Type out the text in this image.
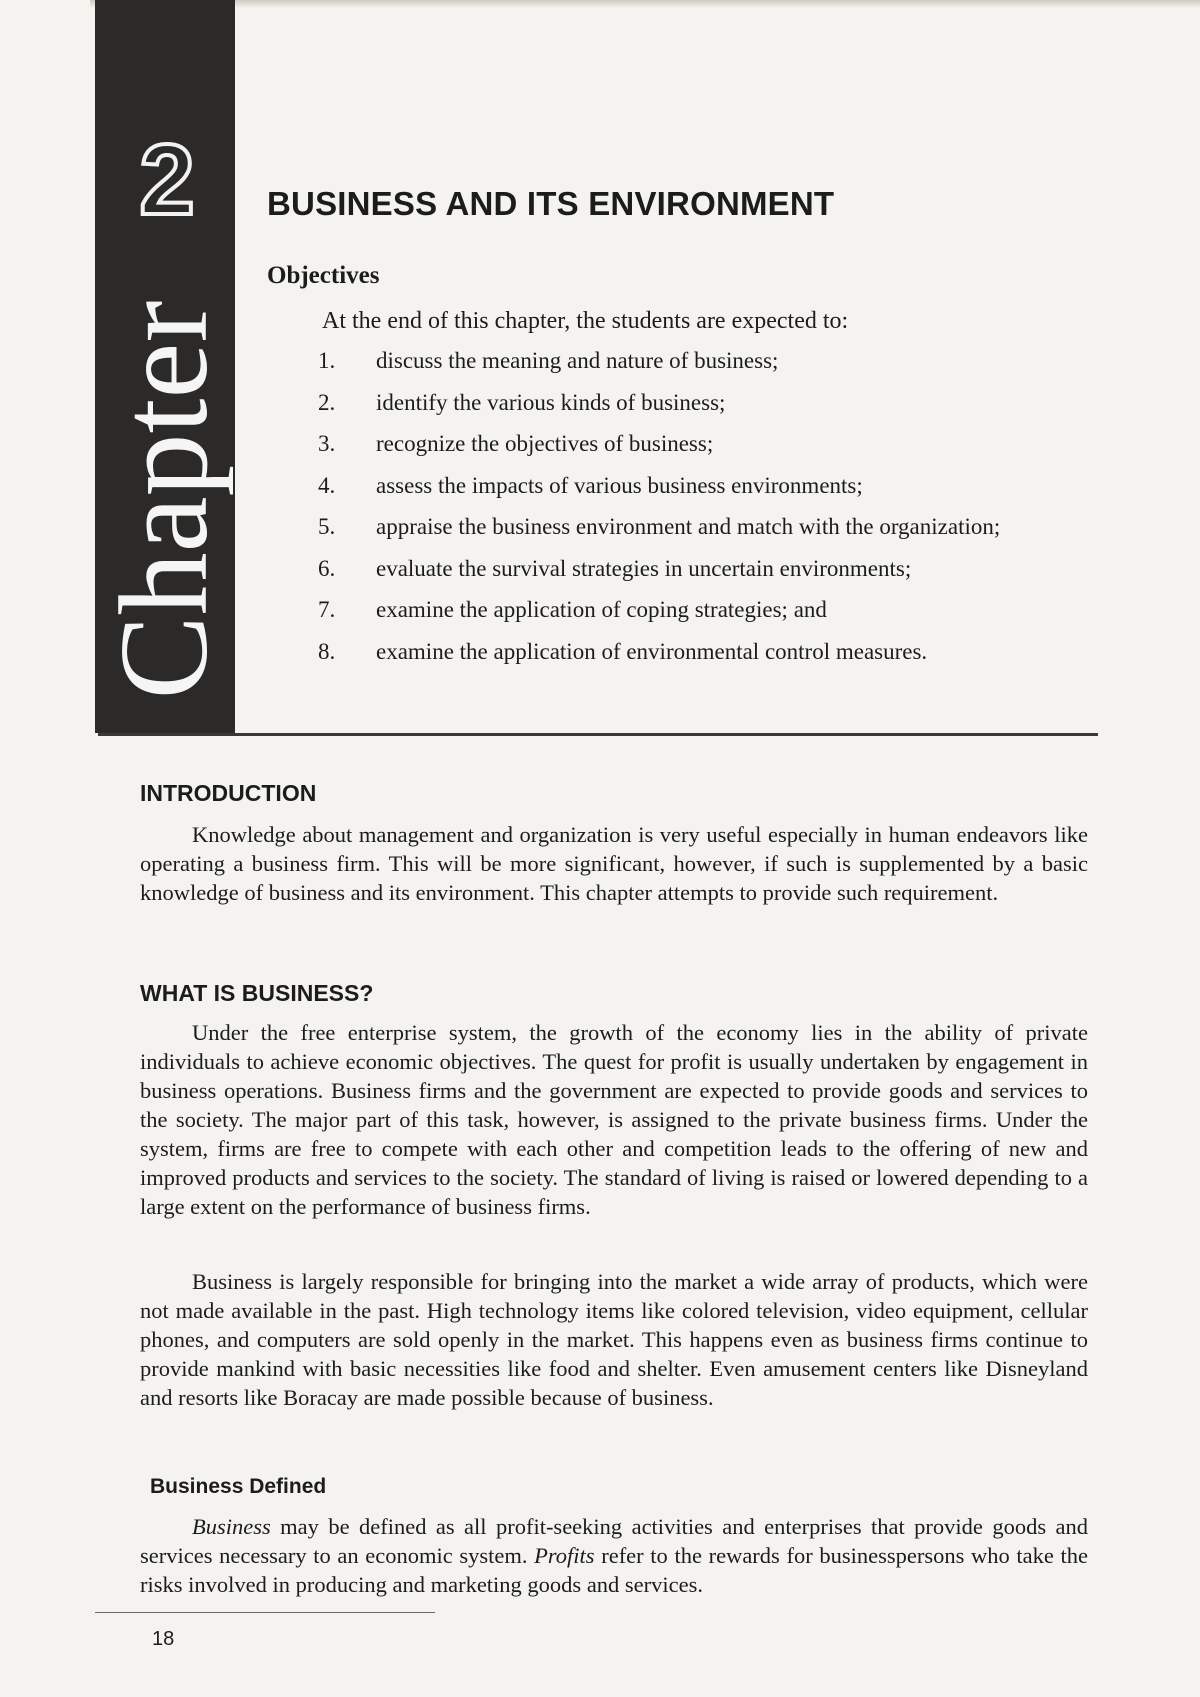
2
Chapter
BUSINESS AND ITS ENVIRONMENT
Objectives
At the end of this chapter, the students are expected to:
1.	discuss the meaning and nature of business;
2.	identify the various kinds of business;
3.	recognize the objectives of business;
4.	assess the impacts of various business environments;
5.	appraise the business environment and match with the organization;
6.	evaluate the survival strategies in uncertain environments;
7.	examine the application of coping strategies; and
8.	examine the application of environmental control measures.
INTRODUCTION

Knowledge about management and organization is very useful especially in human endeavors like operating a business firm. This will be more significant, however, if such is supplemented by a basic knowledge of business and its environment. This chapter attempts to provide such requirement.

WHAT IS BUSINESS?

Under the free enterprise system, the growth of the economy lies in the ability of private individuals to achieve economic objectives. The quest for profit is usually undertaken by engagement in business operations. Business firms and the government are expected to provide goods and services to the society. The major part of this task, however, is assigned to the private business firms. Under the system, firms are free to compete with each other and competition leads to the offering of new and improved products and services to the society. The standard of living is raised or lowered depending to a large extent on the performance of business firms.

Business is largely responsible for bringing into the market a wide array of products, which were not made available in the past. High technology items like colored television, video equipment, cellular phones, and computers are sold openly in the market. This happens even as business firms continue to provide mankind with basic necessities like food and shelter. Even amusement centers like Disneyland and resorts like Boracay are made possible because of business.

Business Defined

Business may be defined as all profit-seeking activities and enterprises that provide goods and services necessary to an economic system. Profits refer to the rewards for businesspersons who take the risks involved in producing and marketing goods and services.

18
